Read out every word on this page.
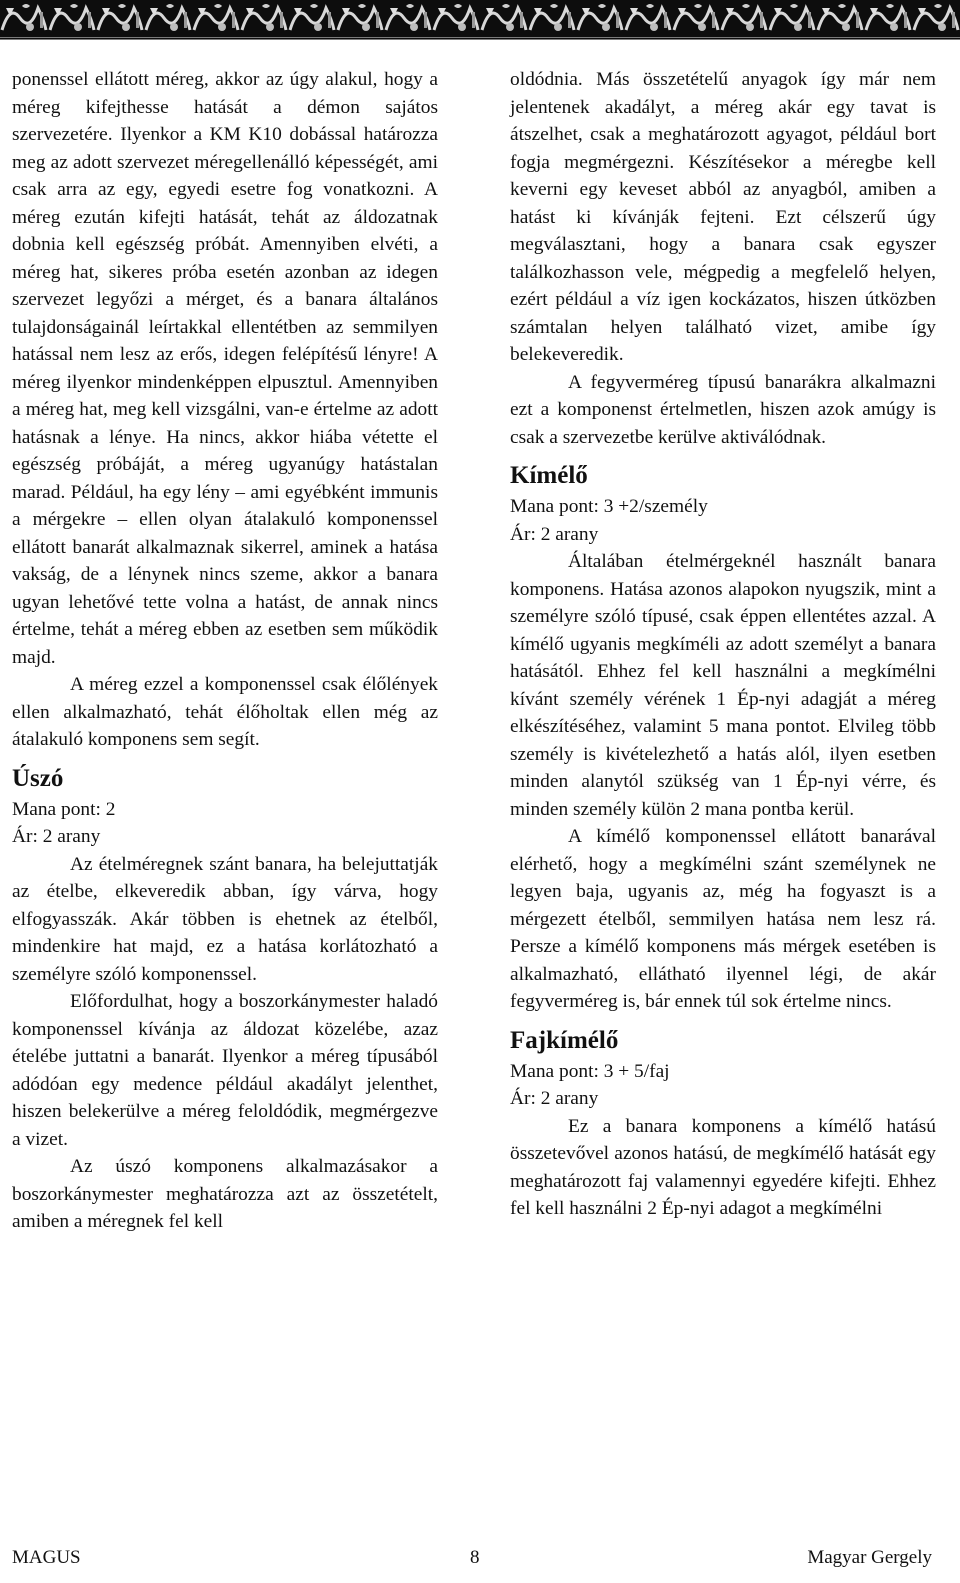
ponenssel ellátott méreg, akkor az úgy alakul, hogy a méreg kifejthesse hatását a démon sajátos szervezetére. Ilyenkor a KM K10 dobással határozza meg az adott szervezet méregellenálló képességét, ami csak arra az egy, egyedi esetre fog vonatkozni. A méreg ezután kifejti hatását, tehát az áldozatnak dobnia kell egészség próbát. Amennyiben elvéti, a méreg hat, sikeres próba esetén azonban az idegen szervezet legyőzi a mérget, és a banara általános tulajdonságainál leírtakkal ellentétben az semmilyen hatással nem lesz az erős, idegen felépítésű lényre! A méreg ilyenkor mindenképpen elpusztul. Amennyiben a méreg hat, meg kell vizsgálni, van-e értelme az adott hatásnak a lénye. Ha nincs, akkor hiába vétette el egészség próbáját, a méreg ugyanúgy hatástalan marad. Például, ha egy lény – ami egyébként immunis a mérgekre – ellen olyan átalakuló komponenssel ellátott banarát alkalmaznak sikerrel, aminek a hatása vakság, de a lénynek nincs szeme, akkor a banara ugyan lehetővé tette volna a hatást, de annak nincs értelme, tehát a méreg ebben az esetben sem működik majd.

A méreg ezzel a komponenssel csak élőlények ellen alkalmazható, tehát élőholtak ellen még az átalakuló komponens sem segít.

Úszó

Mana pont: 2

Ár: 2 arany

Az ételméregnek szánt banara, ha belejuttatják az ételbe, elkeveredik abban, így várva, hogy elfogyasszák. Akár többen is ehetnek az ételből, mindenkire hat majd, ez a hatása korlátozható a személyre szóló komponenssel.

Előfordulhat, hogy a boszorkánymester haladó komponenssel kívánja az áldozat közelébe, azaz ételébe juttatni a banarát. Ilyenkor a méreg típusából adódóan egy medence például akadályt jelenthet, hiszen belekerülve a méreg feloldódik, megmérgezve a vizet.

Az úszó komponens alkalmazásakor a boszorkánymester meghatározza azt az összetételt, amiben a méregnek fel kell

oldódnia. Más összetételű anyagok így már nem jelentenek akadályt, a méreg akár egy tavat is átszelhet, csak a meghatározott agyagot, például bort fogja megmérgezni. Készítésekor a méregbe kell keverni egy keveset abból az anyagból, amiben a hatást ki kívánják fejteni. Ezt célszerű úgy megválasztani, hogy a banara csak egyszer találkozhasson vele, mégpedig a megfelelő helyen, ezért például a víz igen kockázatos, hiszen útközben számtalan helyen található vizet, amibe így belekeveredik.

A fegyverméreg típusú banarákra alkalmazni ezt a komponenst értelmetlen, hiszen azok amúgy is csak a szervezetbe kerülve aktiválódnak.

Kímélő

Mana pont: 3 +2/személy

Ár: 2 arany

Általában ételmérgeknél használt banara komponens. Hatása azonos alapokon nyugszik, mint a személyre szóló típusé, csak éppen ellentétes azzal. A kímélő ugyanis megkíméli az adott személyt a banara hatásától. Ehhez fel kell használni a megkímélni kívánt személy vérének 1 Ép-nyi adagját a méreg elkészítéséhez, valamint 5 mana pontot. Elvileg több személy is kivételezhető a hatás alól, ilyen esetben minden alanytól szükség van 1 Ép-nyi vérre, és minden személy külön 2 mana pontba kerül.

A kímélő komponenssel ellátott banarával elérhető, hogy a megkímélni szánt személynek ne legyen baja, ugyanis az, még ha fogyaszt is a mérgezett ételből, semmilyen hatása nem lesz rá. Persze a kímélő komponens más mérgek esetében is alkalmazható, ellátható ilyennel légi, de akár fegyverméreg is, bár ennek túl sok értelme nincs.

Fajkímélő

Mana pont: 3 + 5/faj

Ár: 2 arany

Ez a banara komponens a kímélő hatású összetevővel azonos hatású, de megkímélő hatását egy meghatározott faj valamennyi egyedére kifejti. Ehhez fel kell használni 2 Ép-nyi adagot a megkímélni

MAGUS	8	Magyar Gergely
